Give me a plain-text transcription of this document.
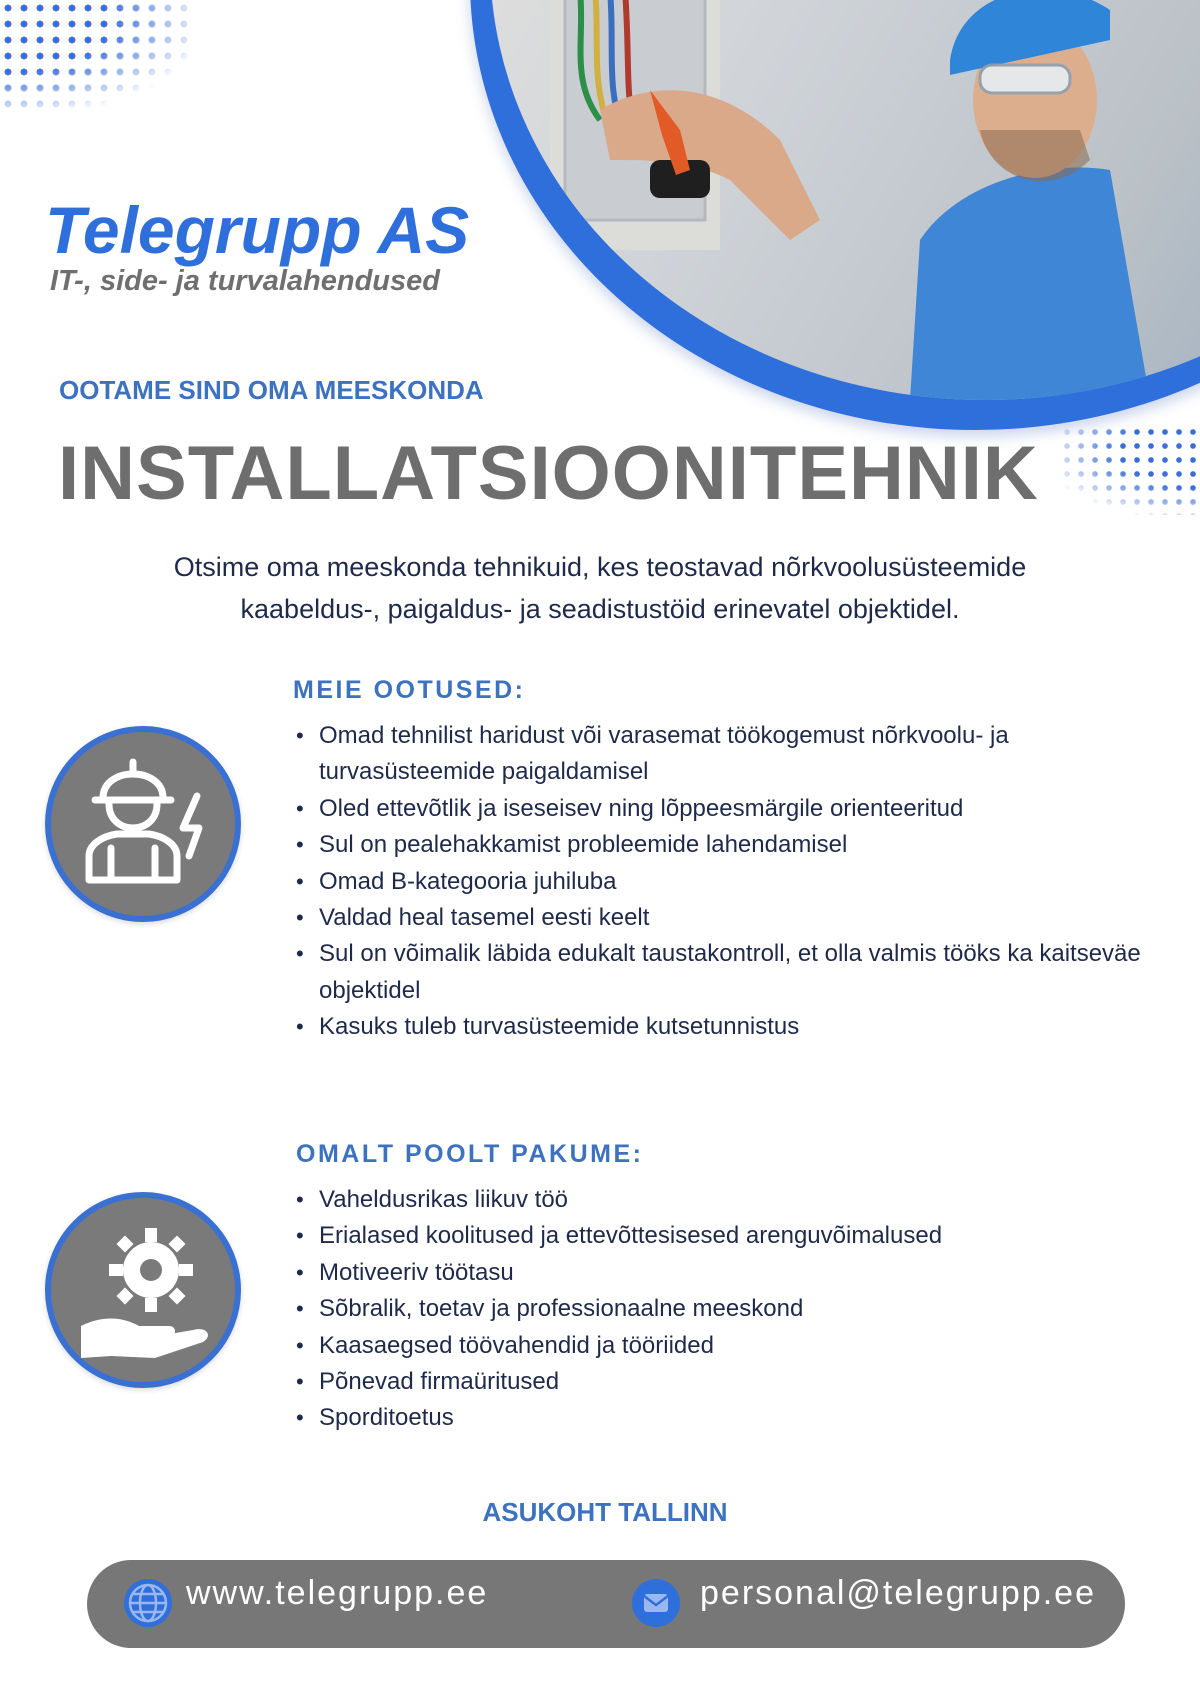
Telegrupp AS
IT-, side- ja turvalahendused
OOTAME SIND OMA MEESKONDA
INSTALLATSIOONITEHNIK
Otsime oma meeskonda tehnikuid, kes teostavad nõrkvoolusüsteemide
kaabeldus-, paigaldus- ja seadistustöid erinevatel objektidel.
MEIE OOTUSED:
• Omad tehnilist haridust või varasemat töökogemust nõrkvoolu- ja turvasüsteemide paigaldamisel
• Oled ettevõtlik ja iseseisev ning lõppeesmärgile orienteeritud
• Sul on pealehakkamist probleemide lahendamisel
• Omad B-kategooria juhiluba
• Valdad heal tasemel eesti keelt
• Sul on võimalik läbida edukalt taustakontroll, et olla valmis tööks ka kaitseväe objektidel
• Kasuks tuleb turvasüsteemide kutsetunnistus
OMALT POOLT PAKUME:
• Vaheldusrikas liikuv töö
• Erialased koolitused ja ettevõttesisesed arenguvõimalused
• Motiveeriv töötasu
• Sõbralik, toetav ja professionaalne meeskond
• Kaasaegsed töövahendid ja tööriided
• Põnevad firmaüritused
• Sporditoetus
ASUKOHT TALLINN
www.telegrupp.ee	personal@telegrupp.ee
